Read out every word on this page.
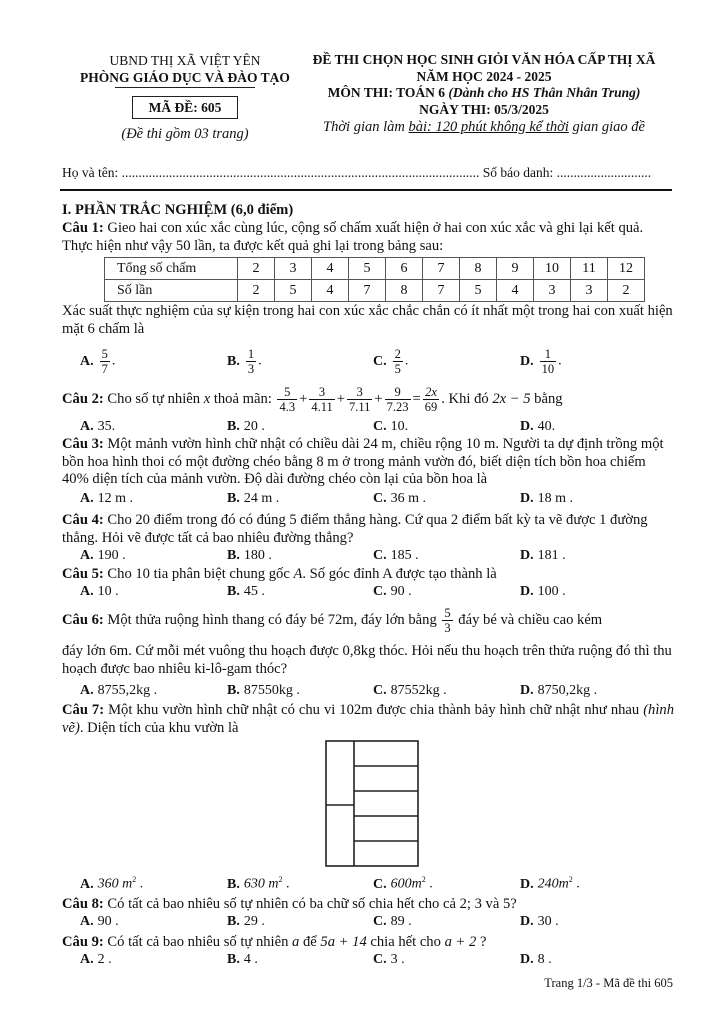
UBND THỊ XÃ VIỆT YÊN
PHÒNG GIÁO DỤC VÀ ĐÀO TẠO
MÃ ĐỀ: 605
(Đề thi gồm 03 trang)
ĐỀ THI CHỌN HỌC SINH GIỎI VĂN HÓA CẤP THỊ XÃ
NĂM HỌC 2024 - 2025
MÔN THI: TOÁN 6 (Dành cho HS Thân Nhân Trung)
NGÀY THI: 05/3/2025
Thời gian làm bài: 120 phút không kể thời gian giao đề
Họ và tên: .......................................................................................................... Số báo danh: ............................
I. PHẦN TRẮC NGHIỆM (6,0 điểm)
Câu 1: Gieo hai con xúc xắc cùng lúc, cộng số chấm xuất hiện ở hai con xúc xắc và ghi lại kết quả. Thực hiện như vậy 50 lần, ta được kết quả ghi lại trong bảng sau:
Tổng số chấm	2	3	4	5	6	7	8	9	10	11	12
Số lần	2	5	4	7	8	7	5	4	3	3	2
Xác suất thực nghiệm của sự kiện trong hai con xúc xắc chắc chắn có ít nhất một trong hai con xuất hiện mặt 6 chấm là
A. $\frac{5}{7}$ .	B. $\frac{1}{3}$ .	C. $\frac{2}{5}$ .	D. $\frac{1}{10}$ .
Câu 2: Cho số tự nhiên x thoả mãn: $\frac{5}{4.3} + \frac{3}{4.11} + \frac{3}{7.11} + \frac{9}{7.23} = \frac{2x}{69}$ . Khi đó 2x − 5 bằng
A. 35.	B. 20 .	C. 10.	D. 40.
Câu 3: Một mảnh vườn hình chữ nhật có chiều dài 24 m, chiều rộng 10 m. Người ta dự định trồng một bồn hoa hình thoi có một đường chéo bằng 8 m ở trong mảnh vườn đó, biết diện tích bồn hoa chiếm 40% diện tích của mảnh vườn. Độ dài đường chéo còn lại của bồn hoa là
A. 12 m .	B. 24 m .	C. 36 m .	D. 18 m .
Câu 4: Cho 20 điểm trong đó có đúng 5 điểm thẳng hàng. Cứ qua 2 điểm bất kỳ ta vẽ được 1 đường thẳng. Hỏi vẽ được tất cả bao nhiêu đường thẳng?
A. 190 .	B. 180 .	C. 185 .	D. 181 .
Câu 5: Cho 10 tia phân biệt chung gốc A. Số góc đỉnh A được tạo thành là
A. 10 .	B. 45 .	C. 90 .	D. 100 .
Câu 6: Một thửa ruộng hình thang có đáy bé 72m, đáy lớn bằng $\frac{5}{3}$ đáy bé và chiều cao kém
đáy lớn 6m. Cứ mỗi mét vuông thu hoạch được 0,8kg thóc. Hỏi nếu thu hoạch trên thửa ruộng đó thì thu hoạch được bao nhiêu ki-lô-gam thóc?
A. 8755,2kg .	B. 87550kg .	C. 87552kg .	D. 8750,2kg .
Câu 7: Một khu vườn hình chữ nhật có chu vi 102m được chia thành bảy hình chữ nhật như nhau (hình vẽ). Diện tích của khu vườn là
A. 360 $m^2$ .	B. 630 $m^2$ .	C. $600m^2$ .	D. $240m^2$ .
Câu 8: Có tất cả bao nhiêu số tự nhiên có ba chữ số chia hết cho cả 2; 3 và 5?
A. 90 .	B. 29 .	C. 89 .	D. 30 .
Câu 9: Có tất cả bao nhiêu số tự nhiên a để 5a + 14 chia hết cho a + 2 ?
A. 2 .	B. 4 .	C. 3 .	D. 8 .
Trang 1/3 - Mã đề thi 605
